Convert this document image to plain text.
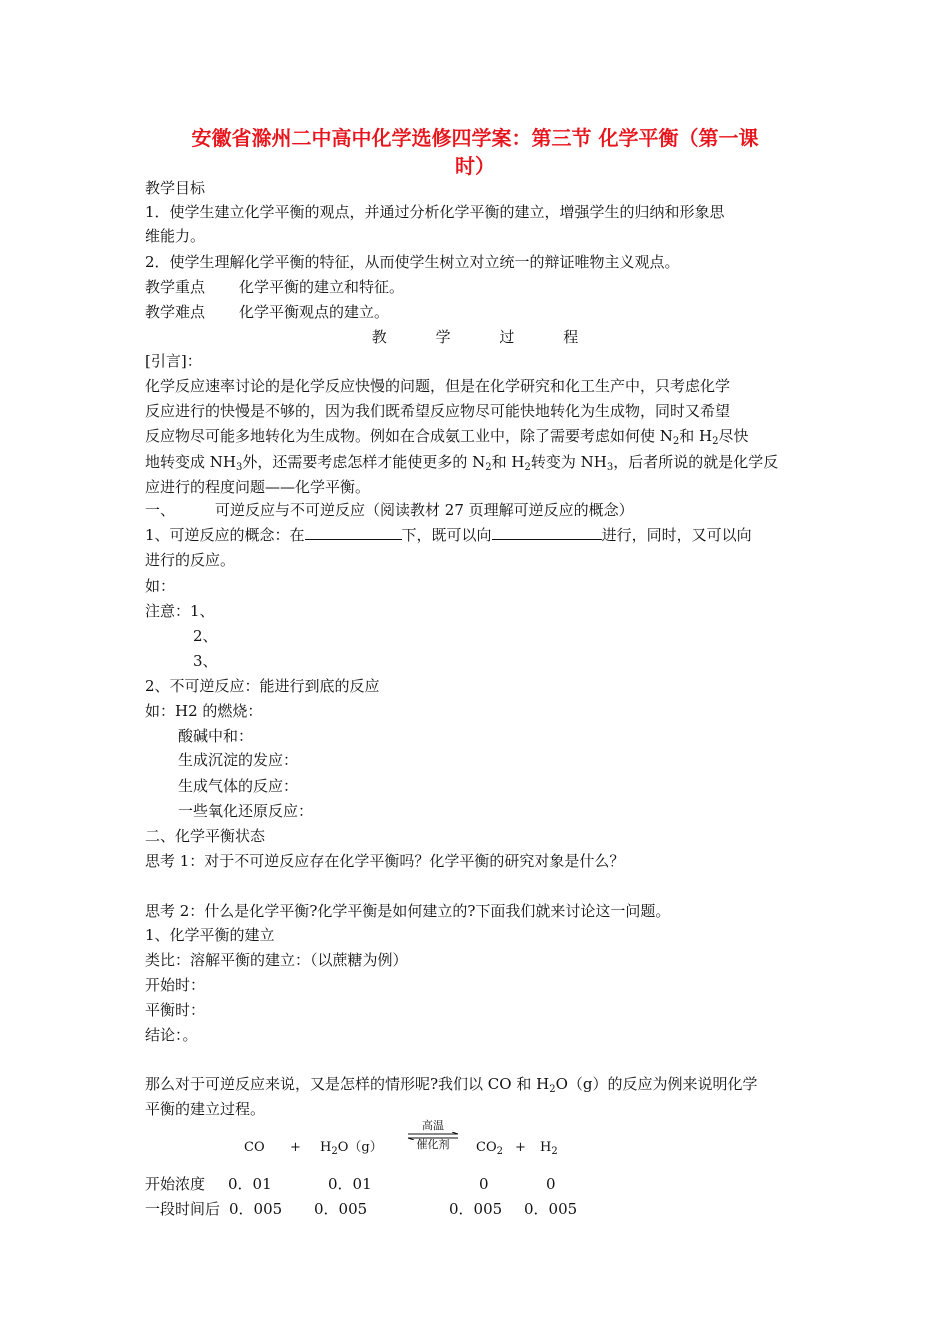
安徽省滁州二中高中化学选修四学案：第三节 化学平衡（第一课
时）
教学目标
1．使学生建立化学平衡的观点，并通过分析化学平衡的建立，增强学生的归纳和形象思
维能力。
2．使学生理解化学平衡的特征，从而使学生树立对立统一的辩证唯物主义观点。
教学重点 化学平衡的建立和特征。
教学难点 化学平衡观点的建立。
教	学	过	程
[引言]：
化学反应速率讨论的是化学反应快慢的问题，但是在化学研究和化工生产中，只考虑化学
反应进行的快慢是不够的，因为我们既希望反应物尽可能快地转化为生成物，同时又希望
反应物尽可能多地转化为生成物。例如在合成氨工业中，除了需要考虑如何使 $N_2$和 $H_2$尽快
地转变成 $NH_3$外，还需要考虑怎样才能使更多的 $N_2$和 $H_2$转变为 $NH_3$，后者所说的就是化学反
应进行的程度问题——化学平衡。
一、	可逆反应与不可逆反应（阅读教材 27 页理解可逆反应的概念）
1、可逆反应的概念：在	下，既可以向	进行，同时，又可以向
进行的反应。
如：
注意：1、
2、
3、
2、不可逆反应：能进行到底的反应
如：H2 的燃烧：
酸碱中和：
生成沉淀的发应：
生成气体的反应：
一些氧化还原反应：
二、化学平衡状态
思考 1：对于不可逆反应存在化学平衡吗？化学平衡的研究对象是什么？
思考 2：什么是化学平衡?化学平衡是如何建立的?下面我们就来讨论这一问题。
1、化学平衡的建立
类比：溶解平衡的建立：（以蔗糖为例）
开始时：
平衡时：
结论：。
那么对于可逆反应来说，又是怎样的情形呢?我们以 CO 和 $H_2O(g)$的反应为例来说明化学
平衡的建立过程。
CO + $H_2O(g)$
高温
催化剂	$CO_2 + H_2$
开始浓度 0．01	0．01	0	0
一段时间后 0．005 0．005	0．005 0．005
